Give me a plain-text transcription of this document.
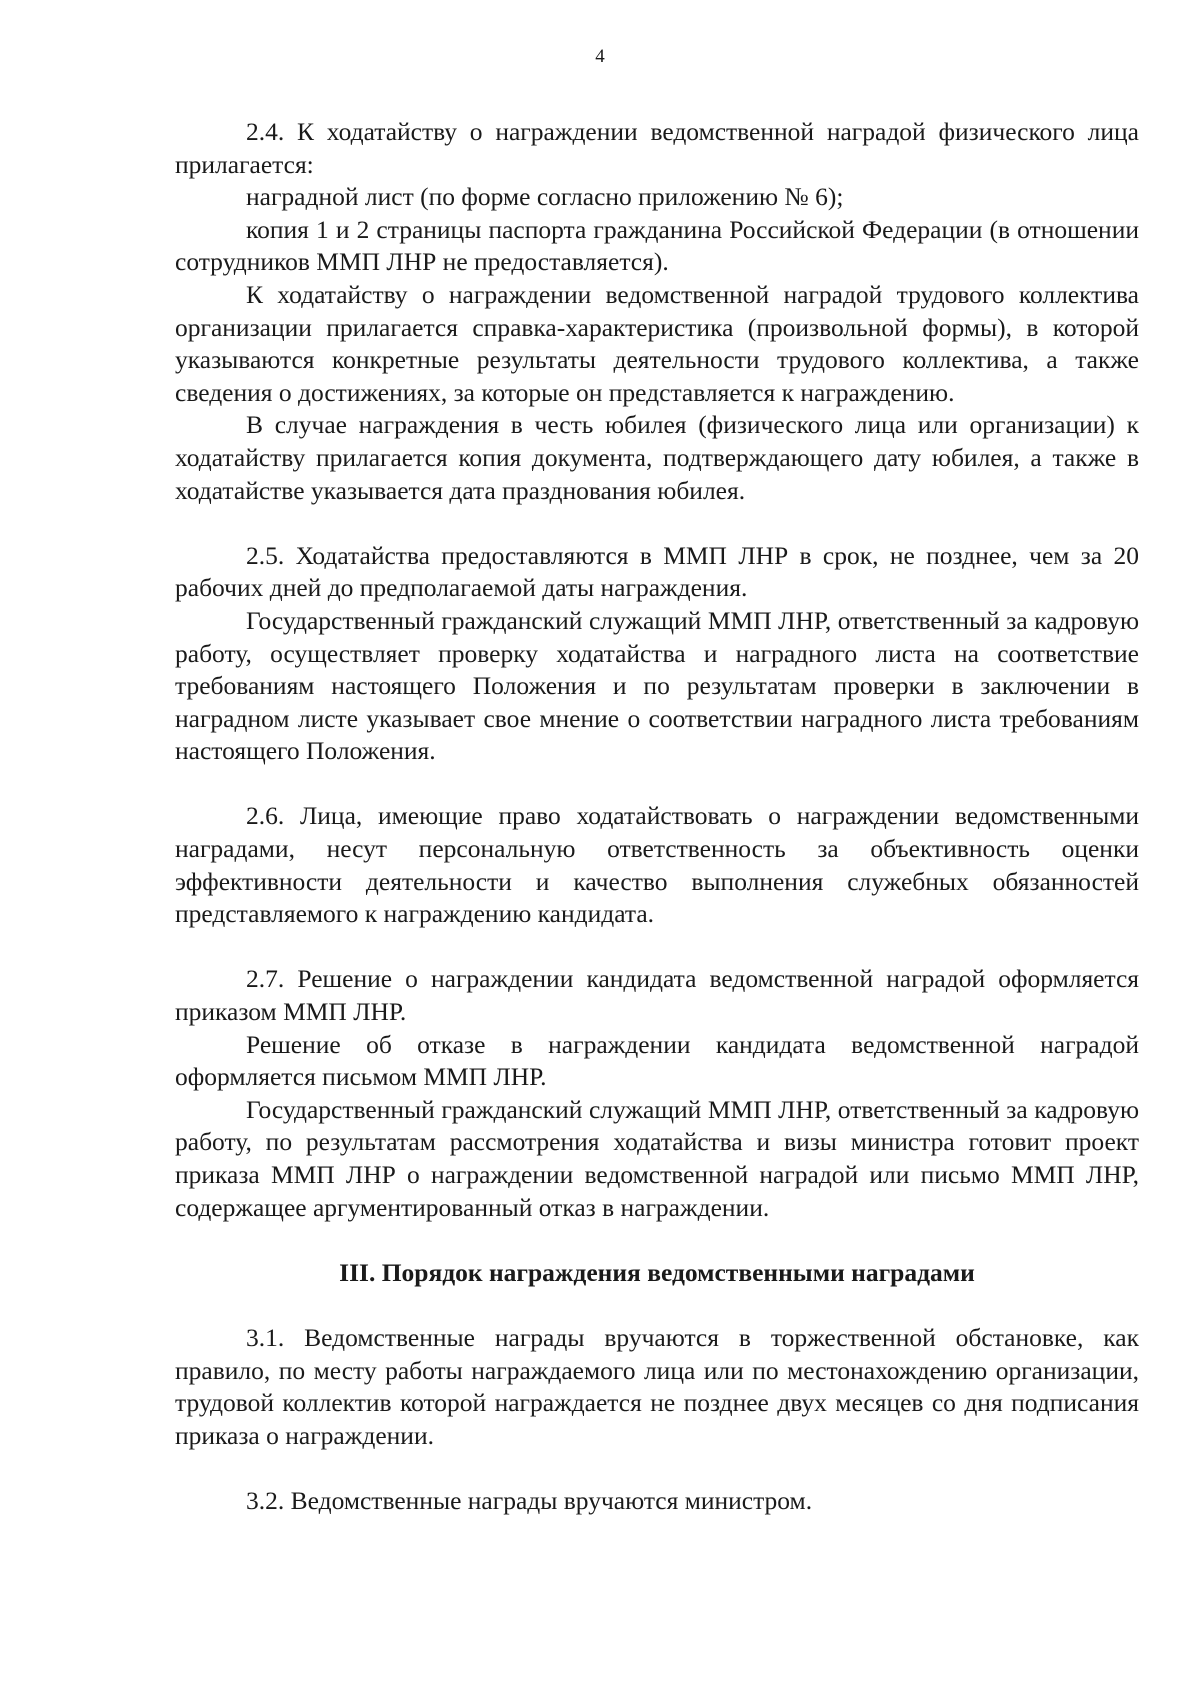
4

2.4. К ходатайству о награждении ведомственной наградой физического лица прилагается:

наградной лист (по форме согласно приложению № 6);

копия 1 и 2 страницы паспорта гражданина Российской Федерации (в отношении сотрудников ММП ЛНР не предоставляется).

К ходатайству о награждении ведомственной наградой трудового коллектива организации прилагается справка-характеристика (произвольной формы), в которой указываются конкретные результаты деятельности трудового коллектива, а также сведения о достижениях, за которые он представляется к награждению.

В случае награждения в честь юбилея (физического лица или организации) к ходатайству прилагается копия документа, подтверждающего дату юбилея, а также в ходатайстве указывается дата празднования юбилея.

2.5. Ходатайства предоставляются в ММП ЛНР в срок, не позднее, чем за 20 рабочих дней до предполагаемой даты награждения.

Государственный гражданский служащий ММП ЛНР, ответственный за кадровую работу, осуществляет проверку ходатайства и наградного листа на соответствие требованиям настоящего Положения и по результатам проверки в заключении в наградном листе указывает свое мнение о соответствии наградного листа требованиям настоящего Положения.

2.6. Лица, имеющие право ходатайствовать о награждении ведомственными наградами, несут персональную ответственность за объективность оценки эффективности деятельности и качество выполнения служебных обязанностей представляемого к награждению кандидата.

2.7. Решение о награждении кандидата ведомственной наградой оформляется приказом ММП ЛНР.

Решение об отказе в награждении кандидата ведомственной наградой оформляется письмом ММП ЛНР.

Государственный гражданский служащий ММП ЛНР, ответственный за кадровую работу, по результатам рассмотрения ходатайства и визы министра готовит проект приказа ММП ЛНР о награждении ведомственной наградой или письмо ММП ЛНР, содержащее аргументированный отказ в награждении.

III. Порядок награждения ведомственными наградами

3.1. Ведомственные награды вручаются в торжественной обстановке, как правило, по месту работы награждаемого лица или по местонахождению организации, трудовой коллектив которой награждается не позднее двух месяцев со дня подписания приказа о награждении.

3.2. Ведомственные награды вручаются министром.
